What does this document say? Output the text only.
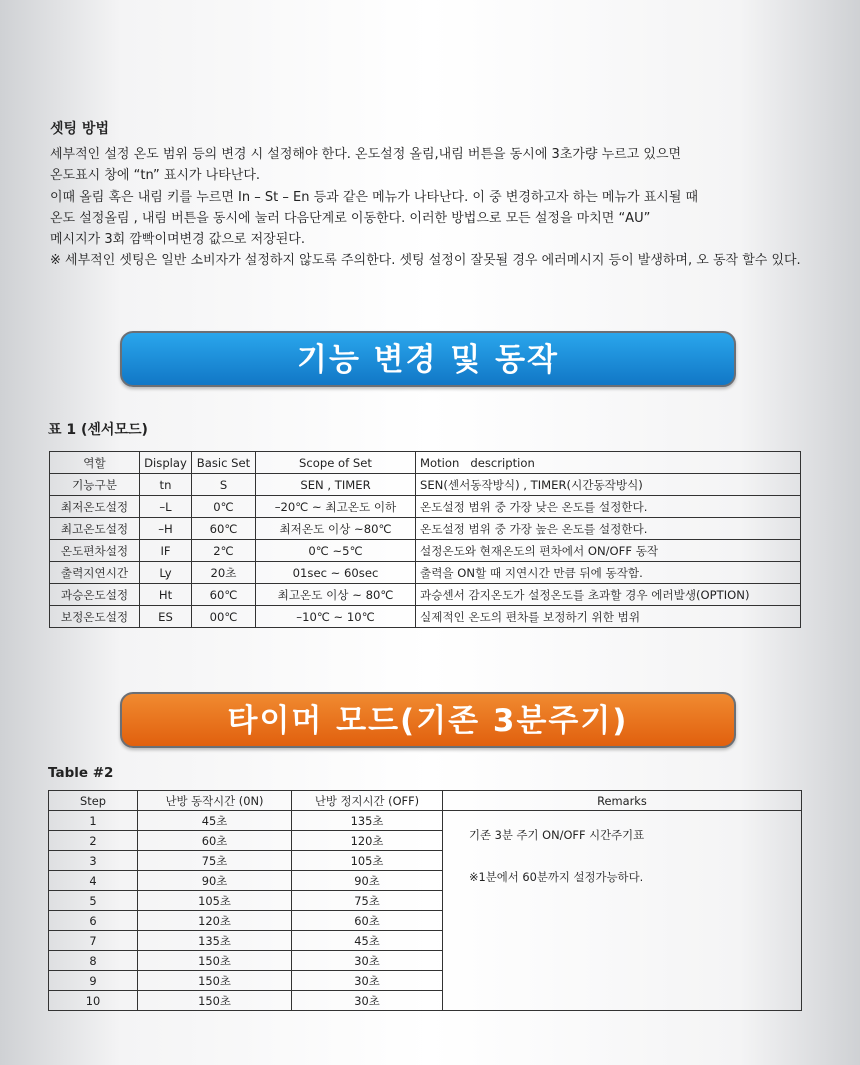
셋팅 방법

세부적인 설정 온도 범위 등의 변경 시 설정해야 한다. 온도설정 올림,내림 버튼을 동시에 3초가량 누르고 있으면

온도표시 창에 “tn” 표시가 나타난다.

이때 올림 혹은 내림 키를 누르면 In – St – En 등과 같은 메뉴가 나타난다. 이 중 변경하고자 하는 메뉴가 표시될 때

온도 설정올림 , 내림 버튼을 동시에 눌러 다음단계로 이동한다. 이러한 방법으로 모든 설정을 마치면 “AU”

메시지가 3회 깜빡이며변경 값으로 저장된다.

※ 세부적인 셋팅은 일반 소비자가 설정하지 않도록 주의한다. 셋팅 설정이 잘못될 경우 에러메시지 등이 발생하며, 오 동작 할수 있다.

기능 변경 및 동작
표 1 (센서모드)
역할	Display	Basic Set	Scope of Set	Motion   description
기능구분	tn	S	SEN , TIMER	SEN(센서동작방식) , TIMER(시간동작방식)
최저온도설정	–L	0℃	–20℃ ~ 최고온도 이하	온도설정 범위 중 가장 낮은 온도를 설정한다.
최고온도설정	–H	60℃	최저온도 이상 ~80℃	온도설정 범위 중 가장 높은 온도를 설정한다.
온도편차설정	IF	2℃	0℃ ~5℃	설정온도와 현재온도의 편차에서 ON/OFF 동작
출력지연시간	Ly	20초	01sec ~ 60sec	출력을 ON할 때 지연시간 만큼 뒤에 동작함.
과승온도설정	Ht	60℃	최고온도 이상 ~ 80℃	과승센서 감지온도가 설정온도를 초과할 경우 에러발생(OPTION)
보정온도설정	ES	00℃	–10℃ ~ 10℃	실제적인 온도의 편차를 보정하기 위한 범위
타이머 모드(기존 3분주기)
Table #2
Step	난방 동작시간 (0N)	난방 정지시간 (OFF)	Remarks
1	45초	135초	기존 3분 주기 ON/OFF 시간주기표
※1분에서 60분까지 설정가능하다.

2	60초	120초	
3	75초	105초	
4	90초	90초	
5	105초	75초	
6	120초	60초	
7	135초	45초	
8	150초	30초	
9	150초	30초	
10	150초	30초	
